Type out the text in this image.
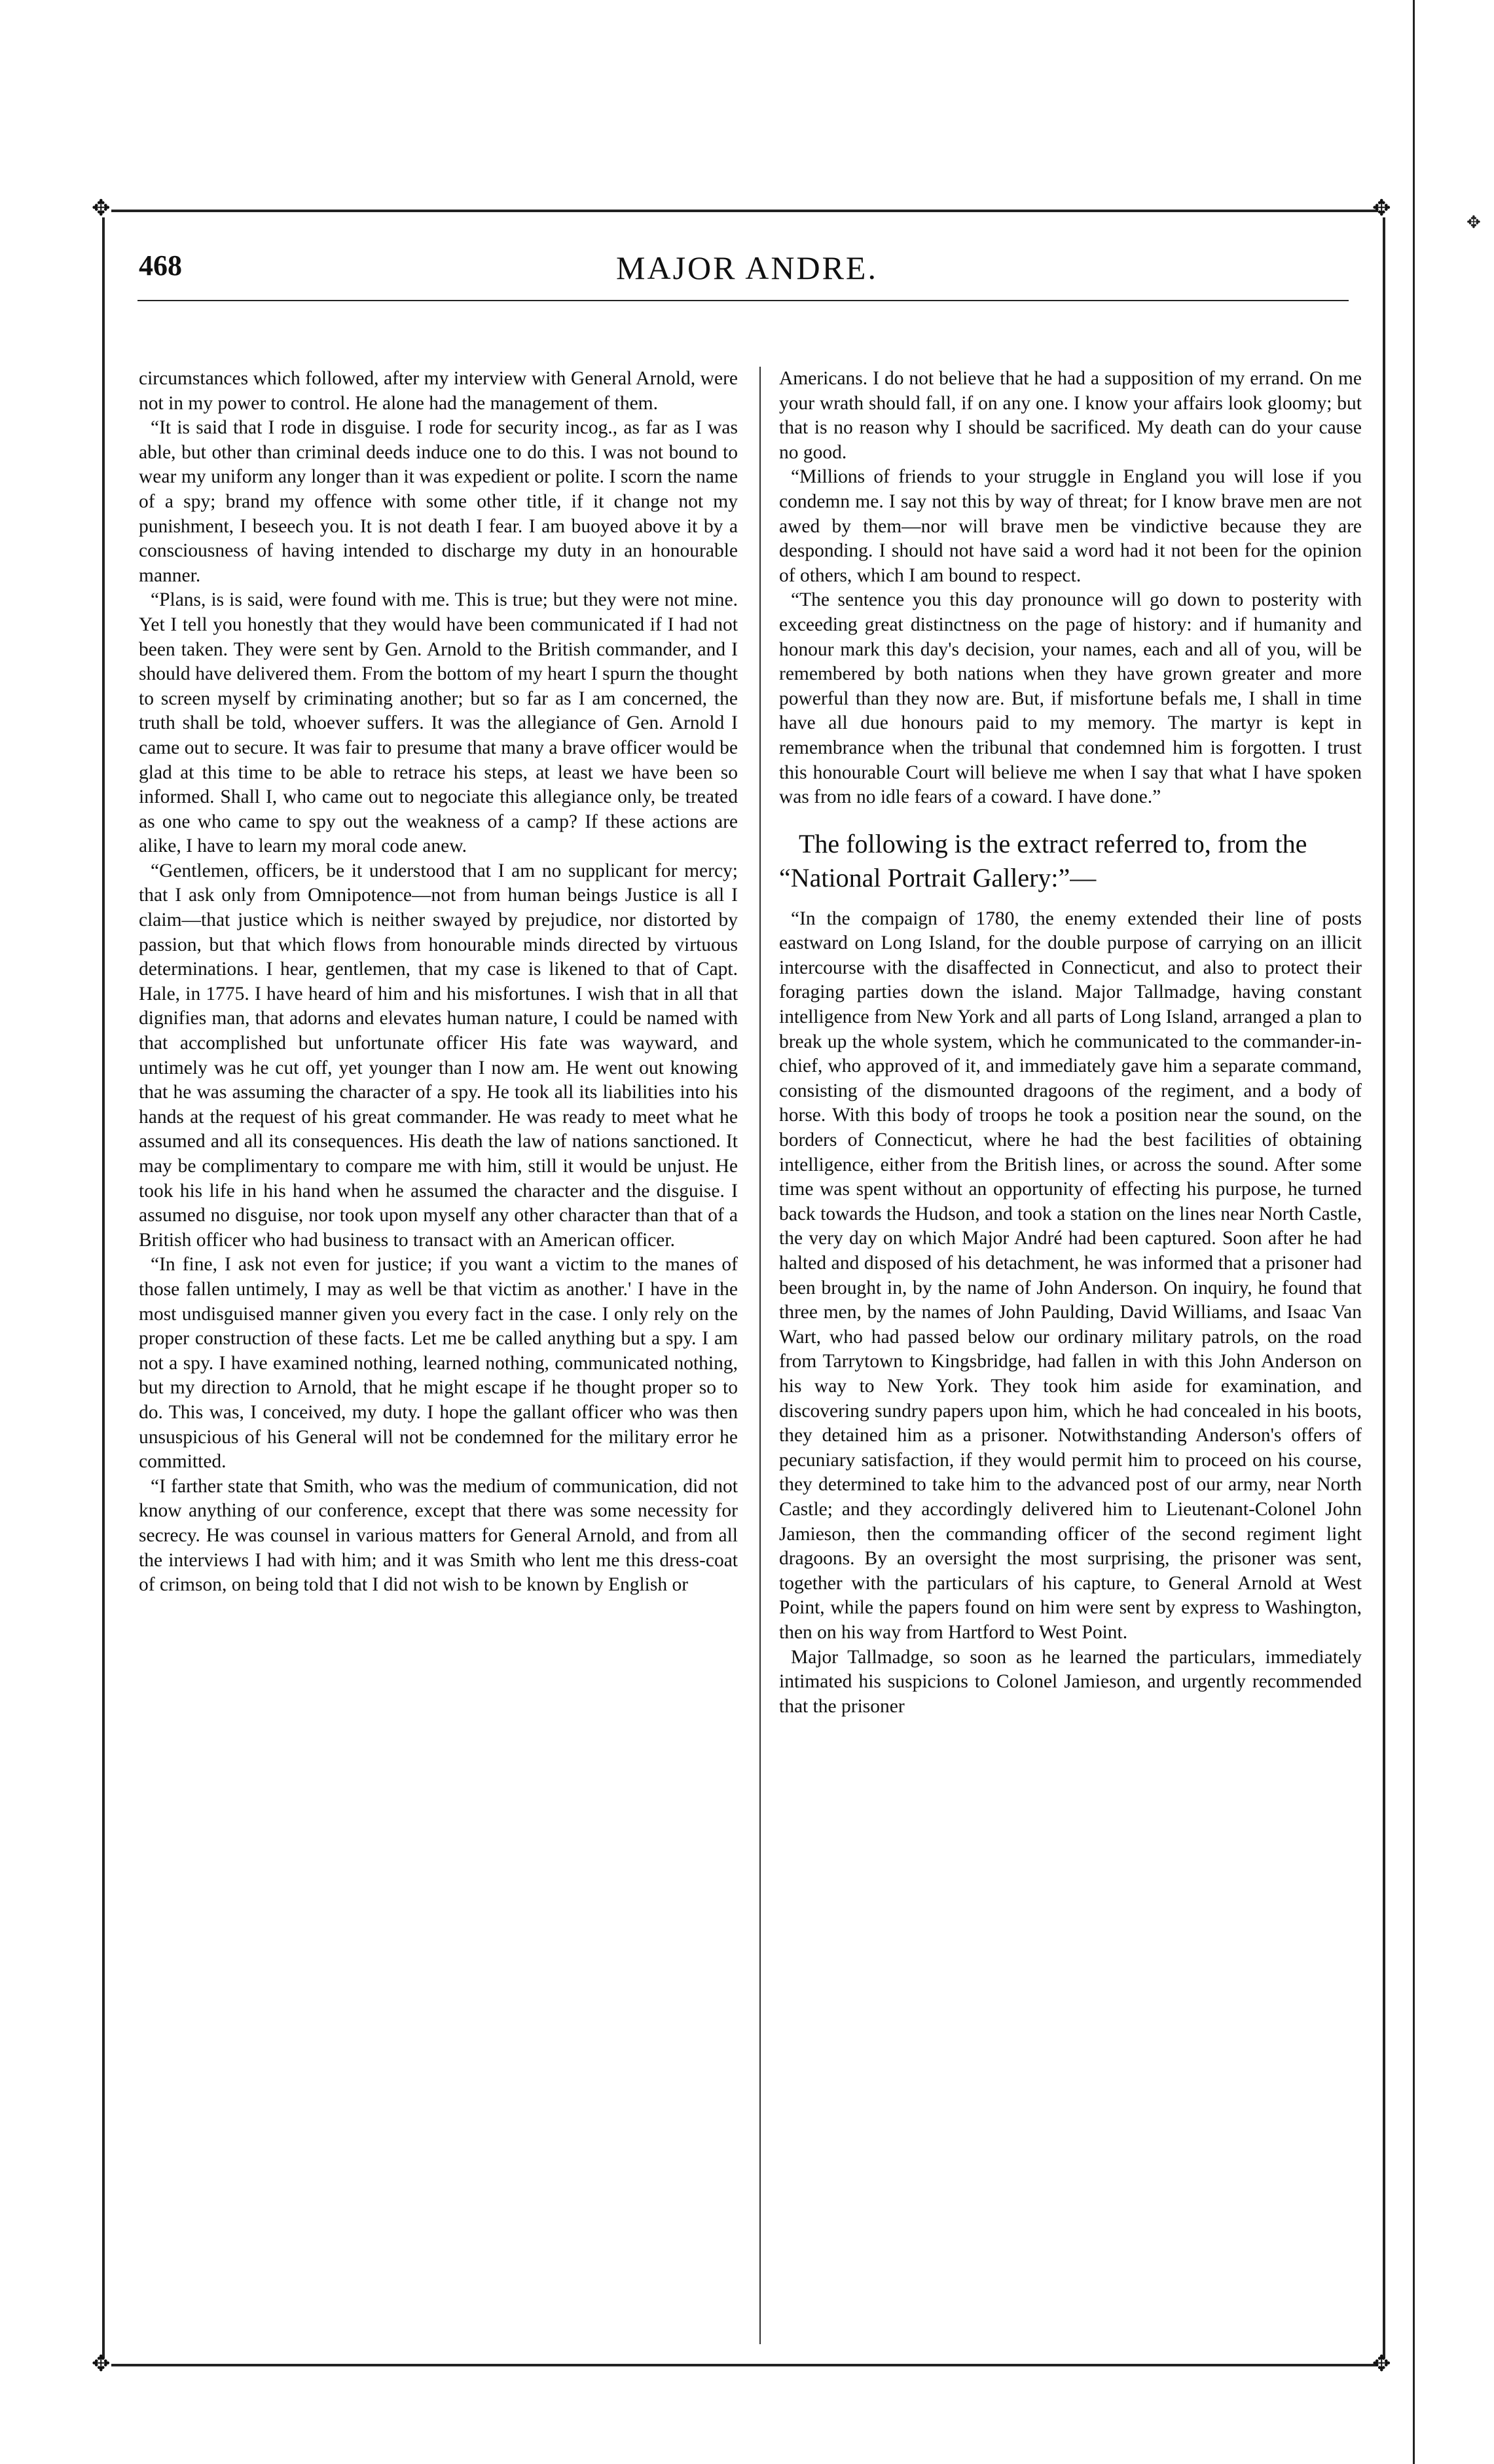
✥
✥	✥
✥	✥
468	MAJOR ANDRE.

circumstances which followed, after my interview with General Arnold, were not in my power to control. He alone had the management of them.

“It is said that I rode in disguise. I rode for security incog., as far as I was able, but other than criminal deeds induce one to do this. I was not bound to wear my uniform any longer than it was expedient or polite. I scorn the name of a spy; brand my offence with some other title, if it change not my punishment, I beseech you. It is not death I fear. I am buoyed above it by a consciousness of having intended to discharge my duty in an honourable manner.

“Plans, is is said, were found with me. This is true; but they were not mine. Yet I tell you honestly that they would have been communicated if I had not been taken. They were sent by Gen. Arnold to the British commander, and I should have delivered them. From the bottom of my heart I spurn the thought to screen myself by criminating another; but so far as I am concerned, the truth shall be told, whoever suffers. It was the allegiance of Gen. Arnold I came out to secure. It was fair to presume that many a brave officer would be glad at this time to be able to retrace his steps, at least we have been so informed. Shall I, who came out to negociate this allegiance only, be treated as one who came to spy out the weakness of a camp? If these actions are alike, I have to learn my moral code anew.

“Gentlemen, officers, be it understood that I am no supplicant for mercy; that I ask only from Omnipotence—not from human beings Justice is all I claim—that justice which is neither swayed by prejudice, nor distorted by passion, but that which flows from honourable minds directed by virtuous determinations. I hear, gentlemen, that my case is likened to that of Capt. Hale, in 1775. I have heard of him and his misfortunes. I wish that in all that dignifies man, that adorns and elevates human nature, I could be named with that accomplished but unfortunate officer His fate was wayward, and untimely was he cut off, yet younger than I now am. He went out knowing that he was assuming the character of a spy. He took all its liabilities into his hands at the request of his great commander. He was ready to meet what he assumed and all its consequences. His death the law of nations sanctioned. It may be complimentary to compare me with him, still it would be unjust. He took his life in his hand when he assumed the character and the disguise. I assumed no disguise, nor took upon myself any other character than that of a British officer who had business to transact with an American officer.

“In fine, I ask not even for justice; if you want a victim to the manes of those fallen untimely, I may as well be that victim as another.' I have in the most undisguised manner given you every fact in the case. I only rely on the proper construction of these facts. Let me be called anything but a spy. I am not a spy. I have examined nothing, learned nothing, communicated nothing, but my direction to Arnold, that he might escape if he thought proper so to do. This was, I conceived, my duty. I hope the gallant officer who was then unsuspicious of his General will not be condemned for the military error he committed.

“I farther state that Smith, who was the medium of communication, did not know anything of our conference, except that there was some necessity for secrecy. He was counsel in various matters for General Arnold, and from all the interviews I had with him; and it was Smith who lent me this dress-coat of crimson, on being told that I did not wish to be known by English or

Americans. I do not believe that he had a supposition of my errand. On me your wrath should fall, if on any one. I know your affairs look gloomy; but that is no reason why I should be sacrificed. My death can do your cause no good.

“Millions of friends to your struggle in England you will lose if you condemn me. I say not this by way of threat; for I know brave men are not awed by them—nor will brave men be vindictive because they are desponding. I should not have said a word had it not been for the opinion of others, which I am bound to respect.

“The sentence you this day pronounce will go down to posterity with exceeding great distinctness on the page of history: and if humanity and honour mark this day's decision, your names, each and all of you, will be remembered by both nations when they have grown greater and more powerful than they now are. But, if misfortune befals me, I shall in time have all due honours paid to my memory. The martyr is kept in remembrance when the tribunal that condemned him is forgotten. I trust this honourable Court will believe me when I say that what I have spoken was from no idle fears of a coward. I have done.”

The following is the extract referred to, from the “National Portrait Gallery:”—

“In the compaign of 1780, the enemy extended their line of posts eastward on Long Island, for the double purpose of carrying on an illicit intercourse with the disaffected in Connecticut, and also to protect their foraging parties down the island. Major Tallmadge, having constant intelligence from New York and all parts of Long Island, arranged a plan to break up the whole system, which he communicated to the commander-in-chief, who approved of it, and immediately gave him a separate command, consisting of the dismounted dragoons of the regiment, and a body of horse. With this body of troops he took a position near the sound, on the borders of Connecticut, where he had the best facilities of obtaining intelligence, either from the British lines, or across the sound. After some time was spent without an opportunity of effecting his purpose, he turned back towards the Hudson, and took a station on the lines near North Castle, the very day on which Major André had been captured. Soon after he had halted and disposed of his detachment, he was informed that a prisoner had been brought in, by the name of John Anderson. On inquiry, he found that three men, by the names of John Paulding, David Williams, and Isaac Van Wart, who had passed below our ordinary military patrols, on the road from Tarrytown to Kingsbridge, had fallen in with this John Anderson on his way to New York. They took him aside for examination, and discovering sundry papers upon him, which he had concealed in his boots, they detained him as a prisoner. Notwithstanding Anderson's offers of pecuniary satisfaction, if they would permit him to proceed on his course, they determined to take him to the advanced post of our army, near North Castle; and they accordingly delivered him to Lieutenant-Colonel John Jamieson, then the commanding officer of the second regiment light dragoons. By an oversight the most surprising, the prisoner was sent, together with the particulars of his capture, to General Arnold at West Point, while the papers found on him were sent by express to Washington, then on his way from Hartford to West Point.

Major Tallmadge, so soon as he learned the particulars, immediately intimated his suspicions to Colonel Jamieson, and urgently recommended that the prisoner
